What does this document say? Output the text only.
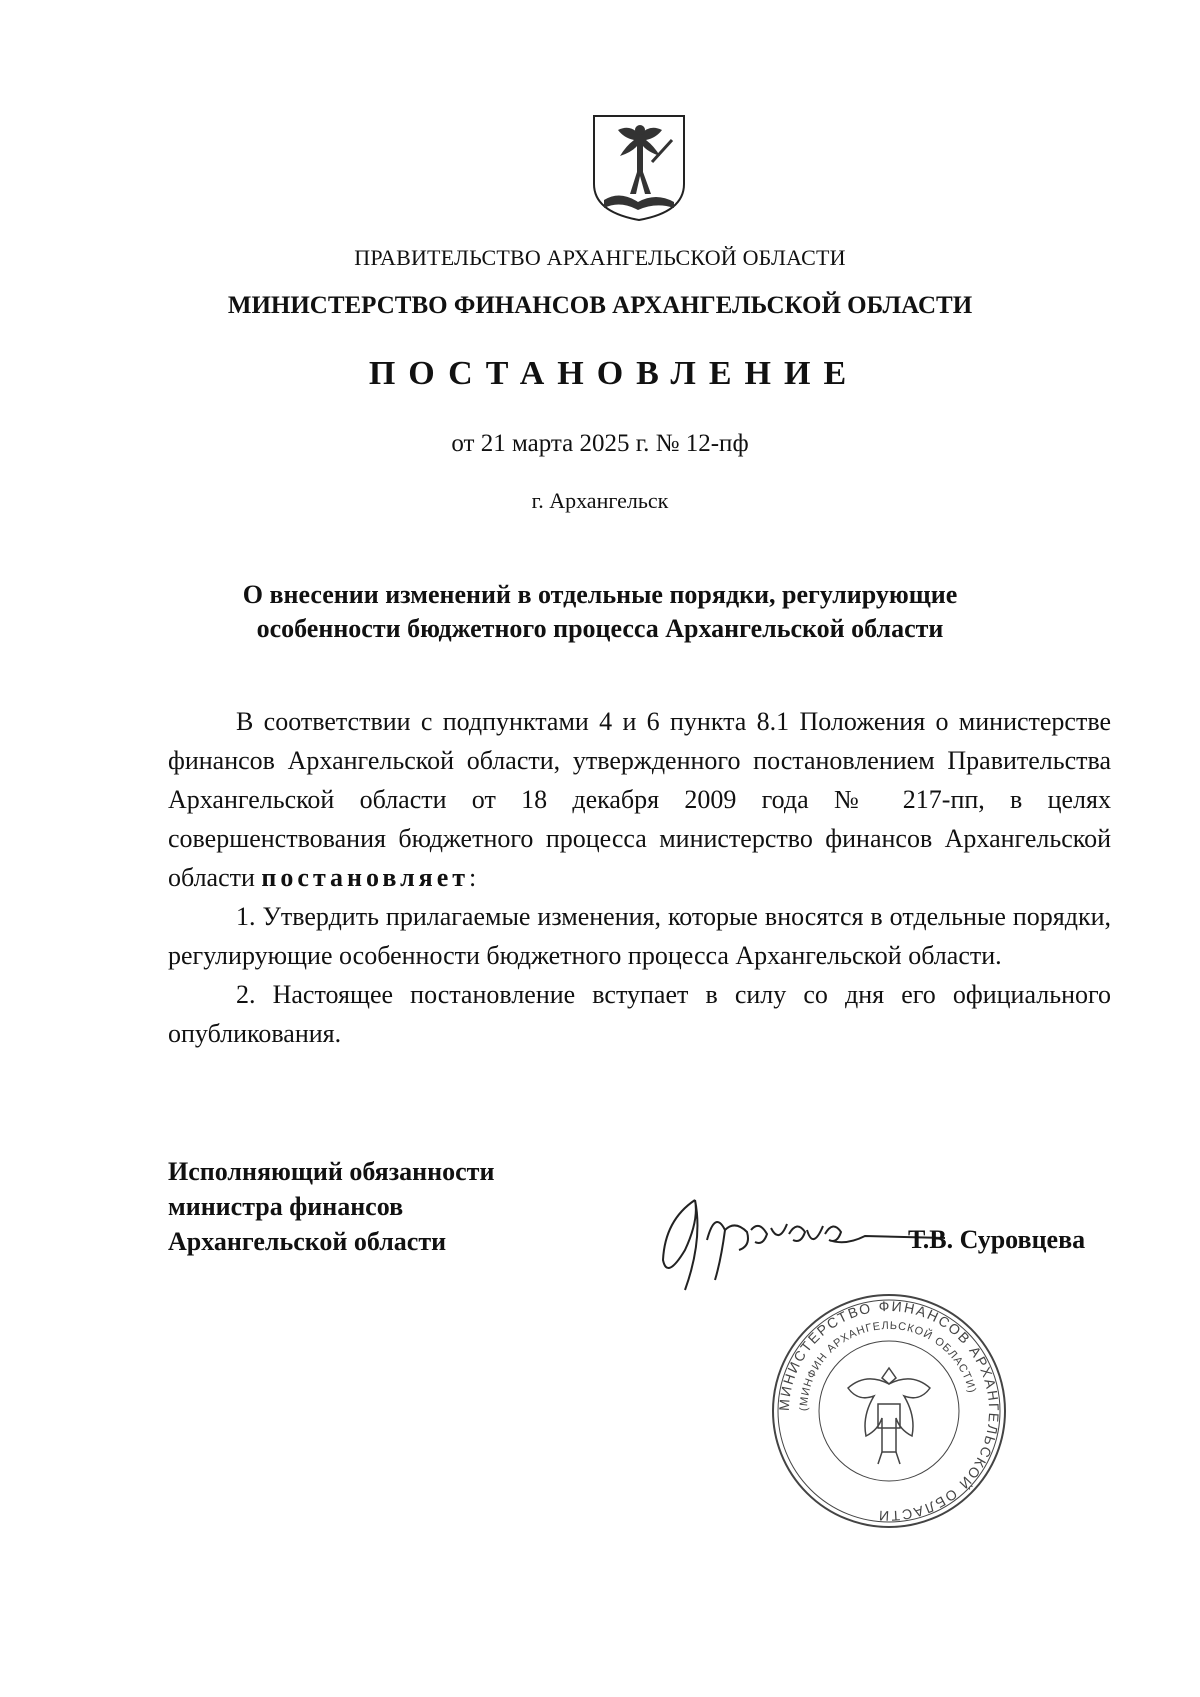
ПРАВИТЕЛЬСТВО АРХАНГЕЛЬСКОЙ ОБЛАСТИ
МИНИСТЕРСТВО ФИНАНСОВ АРХАНГЕЛЬСКОЙ ОБЛАСТИ
ПОСТАНОВЛЕНИЕ
от 21 марта 2025 г. № 12-пф
г. Архангельск
О внесении изменений в отдельные порядки, регулирующие
особенности бюджетного процесса Архангельской области

В соответствии с подпунктами 4 и 6 пункта 8.1 Положения о министерстве финансов Архангельской области, утвержденного постановлением Правительства Архангельской области от 18 декабря 2009 года № 217-пп, в целях совершенствования бюджетного процесса министерство финансов Архангельской области постановляет:

1. Утвердить прилагаемые изменения, которые вносятся в отдельные порядки, регулирующие особенности бюджетного процесса Архангельской области.

2. Настоящее постановление вступает в силу со дня его официального опубликования.

Исполняющий обязанности
министра финансов
Архангельской области	Т.В. Суровцева
МИНИСТЕРСТВО ФИНАНСОВ АРХАНГЕЛЬСКОЙ ОБЛАСТИ
(МИНФИН АРХАНГЕЛЬСКОЙ ОБЛАСТИ)
